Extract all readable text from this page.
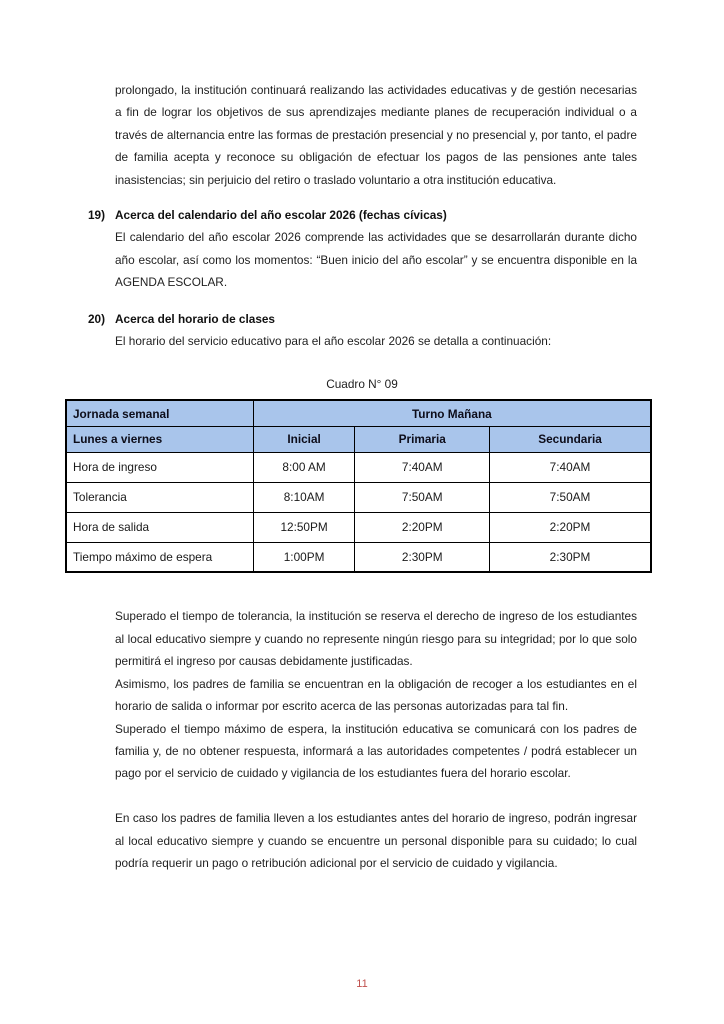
prolongado, la institución continuará realizando las actividades educativas y de gestión necesarias a fin de lograr los objetivos de sus aprendizajes mediante planes de recuperación individual o a través de alternancia entre las formas de prestación presencial y no presencial y, por tanto, el padre de familia acepta y reconoce su obligación de efectuar los pagos de las pensiones ante tales inasistencias; sin perjuicio del retiro o traslado voluntario a otra institución educativa.

19) Acerca del calendario del año escolar 2026 (fechas cívicas)

El calendario del año escolar 2026 comprende las actividades que se desarrollarán durante dicho año escolar, así como los momentos: “Buen inicio del año escolar” y se encuentra disponible en la AGENDA ESCOLAR.

20) Acerca del horario de clases

El horario del servicio educativo para el año escolar 2026 se detalla a continuación:

Cuadro N° 09
Jornada semanal	Turno Mañana		
Lunes a viernes	Inicial	Primaria	Secundaria
Hora de ingreso	8:00 AM	7:40AM	7:40AM
Tolerancia	8:10AM	7:50AM	7:50AM
Hora de salida	12:50PM	2:20PM	2:20PM
Tiempo máximo de espera	1:00PM	2:30PM	2:30PM

Superado el tiempo de tolerancia, la institución se reserva el derecho de ingreso de los estudiantes al local educativo siempre y cuando no represente ningún riesgo para su integridad; por lo que solo permitirá el ingreso por causas debidamente justificadas.

Asimismo, los padres de familia se encuentran en la obligación de recoger a los estudiantes en el horario de salida o informar por escrito acerca de las personas autorizadas para tal fin.

Superado el tiempo máximo de espera, la institución educativa se comunicará con los padres de familia y, de no obtener respuesta, informará a las autoridades competentes / podrá establecer un pago por el servicio de cuidado y vigilancia de los estudiantes fuera del horario escolar.

En caso los padres de familia lleven a los estudiantes antes del horario de ingreso, podrán ingresar al local educativo siempre y cuando se encuentre un personal disponible para su cuidado; lo cual podría requerir un pago o retribución adicional por el servicio de cuidado y vigilancia.

11
